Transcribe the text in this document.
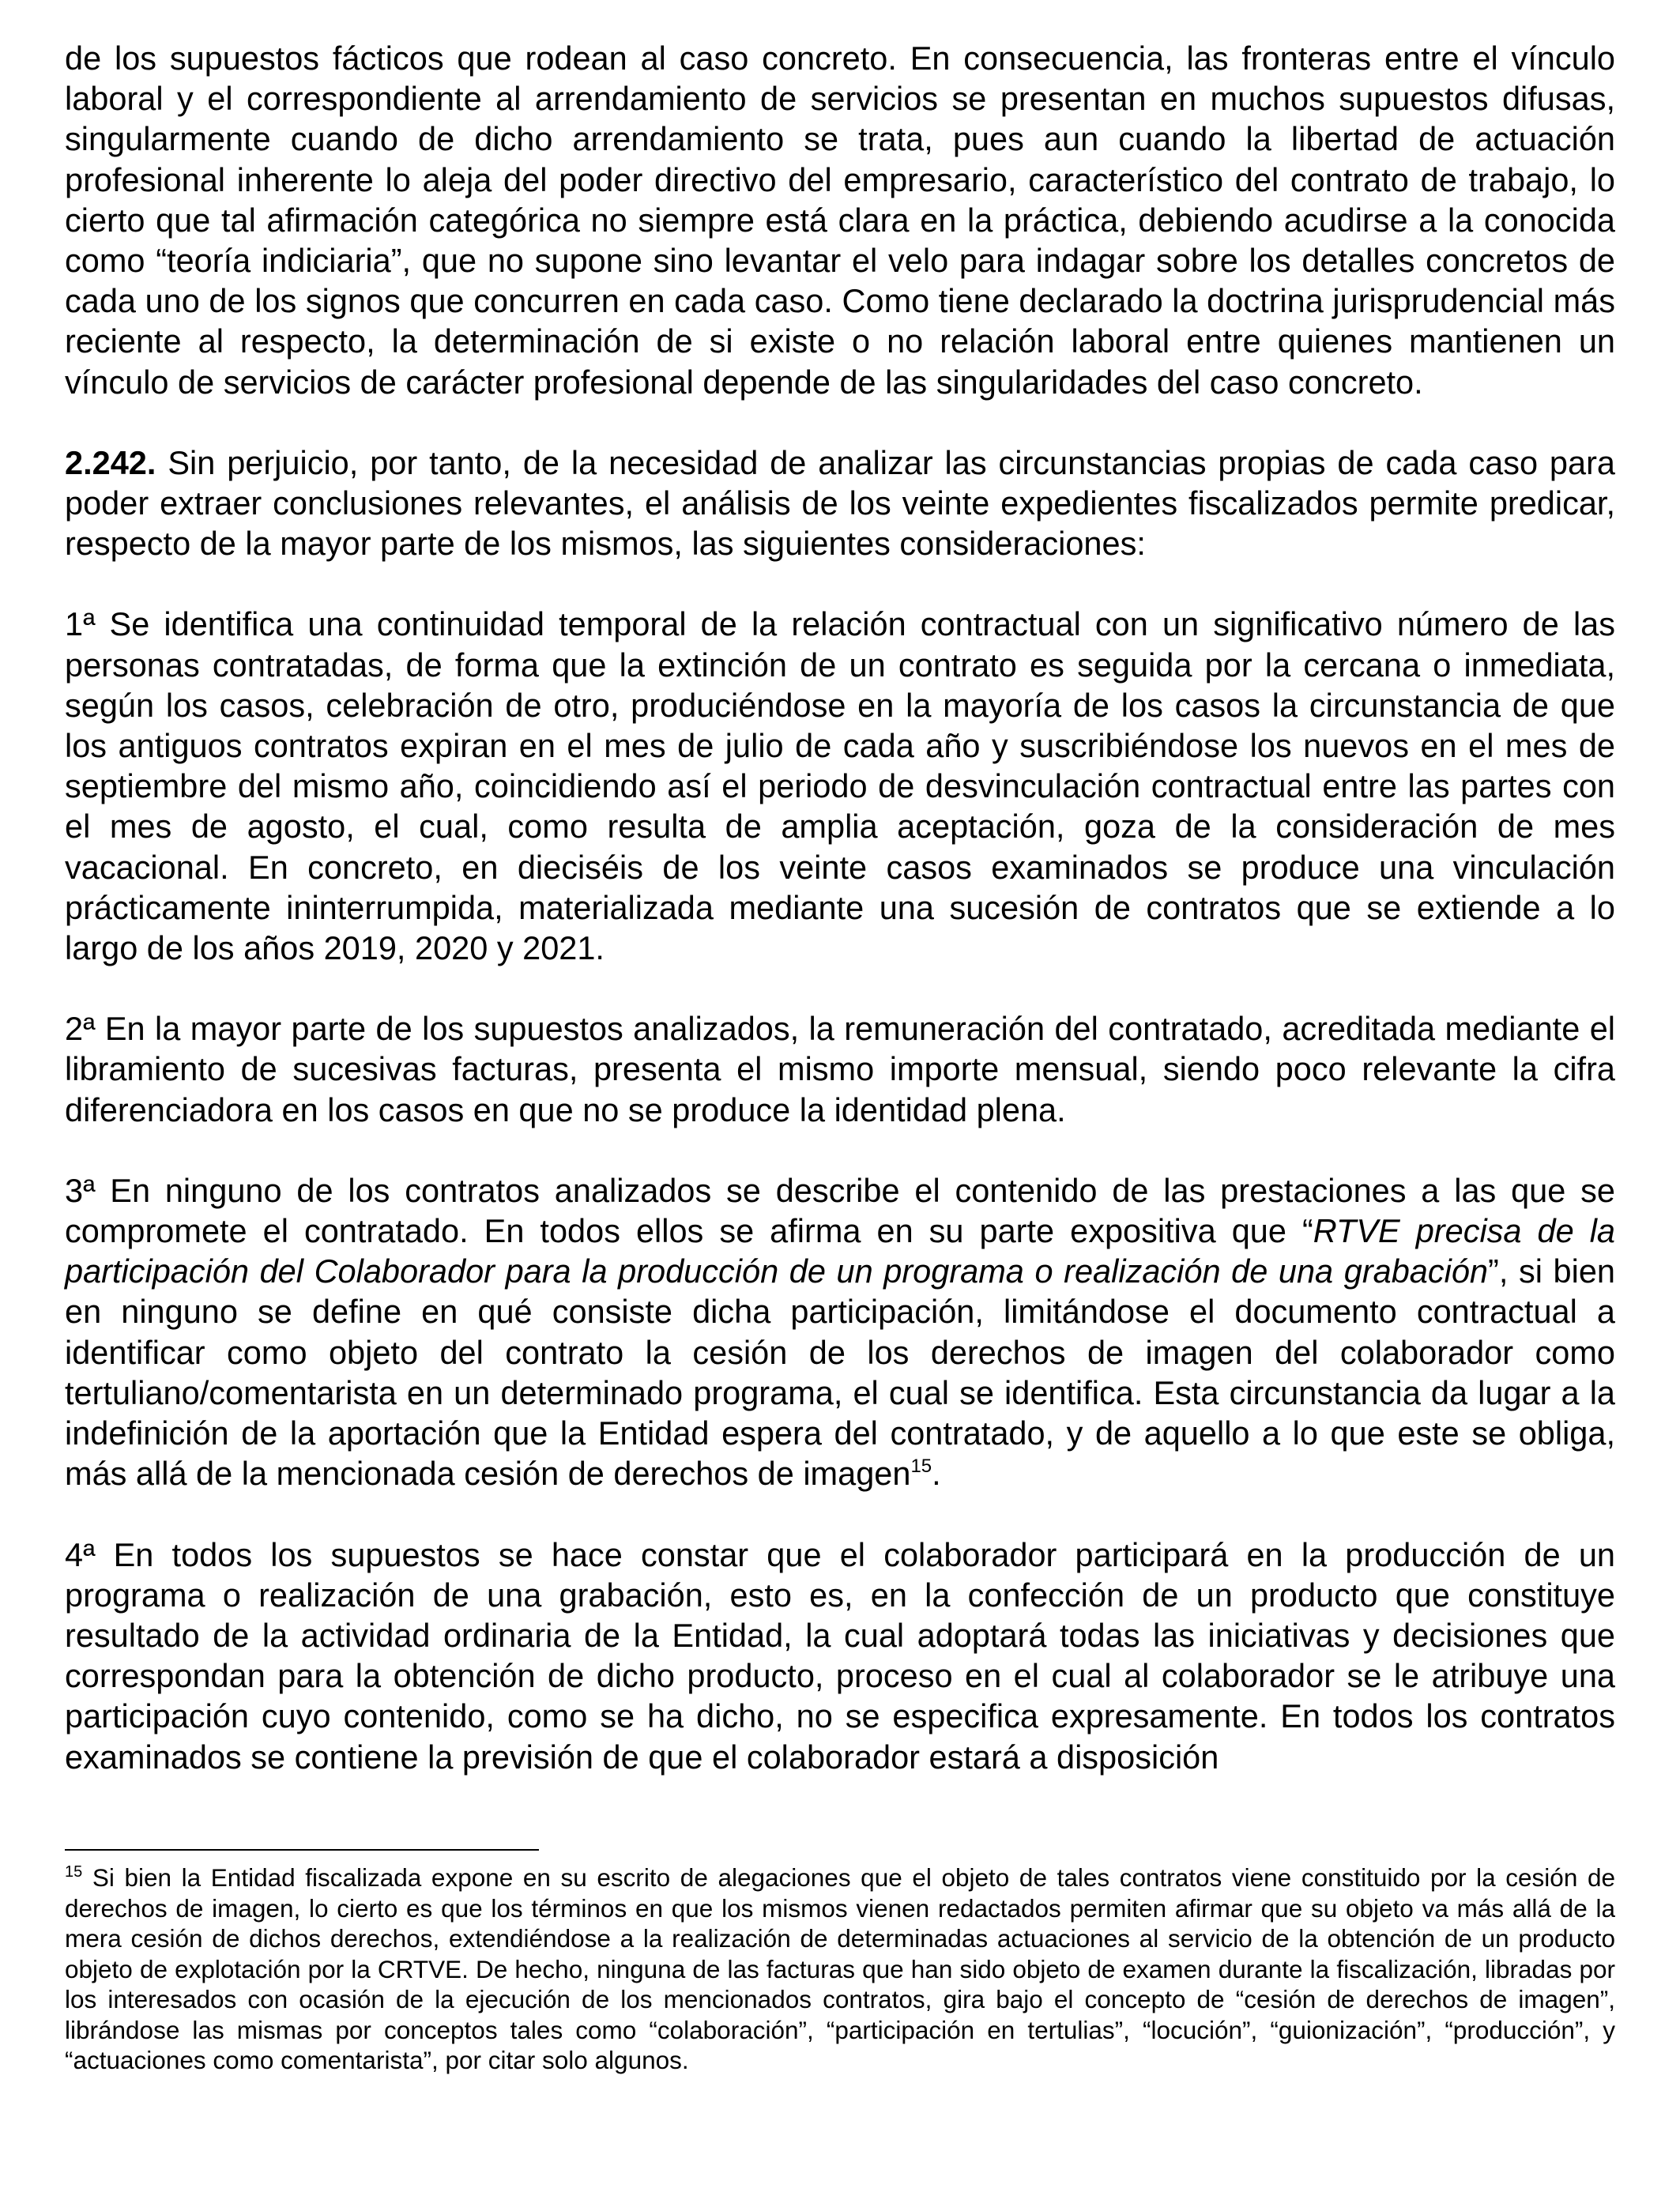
de los supuestos fácticos que rodean al caso concreto. En consecuencia, las fronteras entre el vínculo laboral y el correspondiente al arrendamiento de servicios se presentan en muchos supuestos difusas, singularmente cuando de dicho arrendamiento se trata, pues aun cuando la libertad de actuación profesional inherente lo aleja del poder directivo del empresario, característico del contrato de trabajo, lo cierto que tal afirmación categórica no siempre está clara en la práctica, debiendo acudirse a la conocida como “teoría indiciaria”, que no supone sino levantar el velo para indagar sobre los detalles concretos de cada uno de los signos que concurren en cada caso. Como tiene declarado la doctrina jurisprudencial más reciente al respecto, la determinación de si existe o no relación laboral entre quienes mantienen un vínculo de servicios de carácter profesional depende de las singularidades del caso concreto.

2.242. Sin perjuicio, por tanto, de la necesidad de analizar las circunstancias propias de cada caso para poder extraer conclusiones relevantes, el análisis de los veinte expedientes fiscalizados permite predicar, respecto de la mayor parte de los mismos, las siguientes consideraciones:

1ª Se identifica una continuidad temporal de la relación contractual con un significativo número de las personas contratadas, de forma que la extinción de un contrato es seguida por la cercana o inmediata, según los casos, celebración de otro, produciéndose en la mayoría de los casos la circunstancia de que los antiguos contratos expiran en el mes de julio de cada año y suscribiéndose los nuevos en el mes de septiembre del mismo año, coincidiendo así el periodo de desvinculación contractual entre las partes con el mes de agosto, el cual, como resulta de amplia aceptación, goza de la consideración de mes vacacional. En concreto, en dieciséis de los veinte casos examinados se produce una vinculación prácticamente ininterrumpida, materializada mediante una sucesión de contratos que se extiende a lo largo de los años 2019, 2020 y 2021.

2ª En la mayor parte de los supuestos analizados, la remuneración del contratado, acreditada mediante el libramiento de sucesivas facturas, presenta el mismo importe mensual, siendo poco relevante la cifra diferenciadora en los casos en que no se produce la identidad plena.

3ª En ninguno de los contratos analizados se describe el contenido de las prestaciones a las que se compromete el contratado. En todos ellos se afirma en su parte expositiva que “RTVE precisa de la participación del Colaborador para la producción de un programa o realización de una grabación”, si bien en ninguno se define en qué consiste dicha participación, limitándose el documento contractual a identificar como objeto del contrato la cesión de los derechos de imagen del colaborador como tertuliano/comentarista en un determinado programa, el cual se identifica. Esta circunstancia da lugar a la indefinición de la aportación que la Entidad espera del contratado, y de aquello a lo que este se obliga, más allá de la mencionada cesión de derechos de imagen$^{15}$.

4ª En todos los supuestos se hace constar que el colaborador participará en la producción de un programa o realización de una grabación, esto es, en la confección de un producto que constituye resultado de la actividad ordinaria de la Entidad, la cual adoptará todas las iniciativas y decisiones que correspondan para la obtención de dicho producto, proceso en el cual al colaborador se le atribuye una participación cuyo contenido, como se ha dicho, no se especifica expresamente. En todos los contratos examinados se contiene la previsión de que el colaborador estará a disposición

$^{15}$ Si bien la Entidad fiscalizada expone en su escrito de alegaciones que el objeto de tales contratos viene constituido por la cesión de derechos de imagen, lo cierto es que los términos en que los mismos vienen redactados permiten afirmar que su objeto va más allá de la mera cesión de dichos derechos, extendiéndose a la realización de determinadas actuaciones al servicio de la obtención de un producto objeto de explotación por la CRTVE. De hecho, ninguna de las facturas que han sido objeto de examen durante la fiscalización, libradas por los interesados con ocasión de la ejecución de los mencionados contratos, gira bajo el concepto de “cesión de derechos de imagen”, librándose las mismas por conceptos tales como “colaboración”, “participación en tertulias”, “locución”, “guionización”, “producción”, y “actuaciones como comentarista”, por citar solo algunos.
